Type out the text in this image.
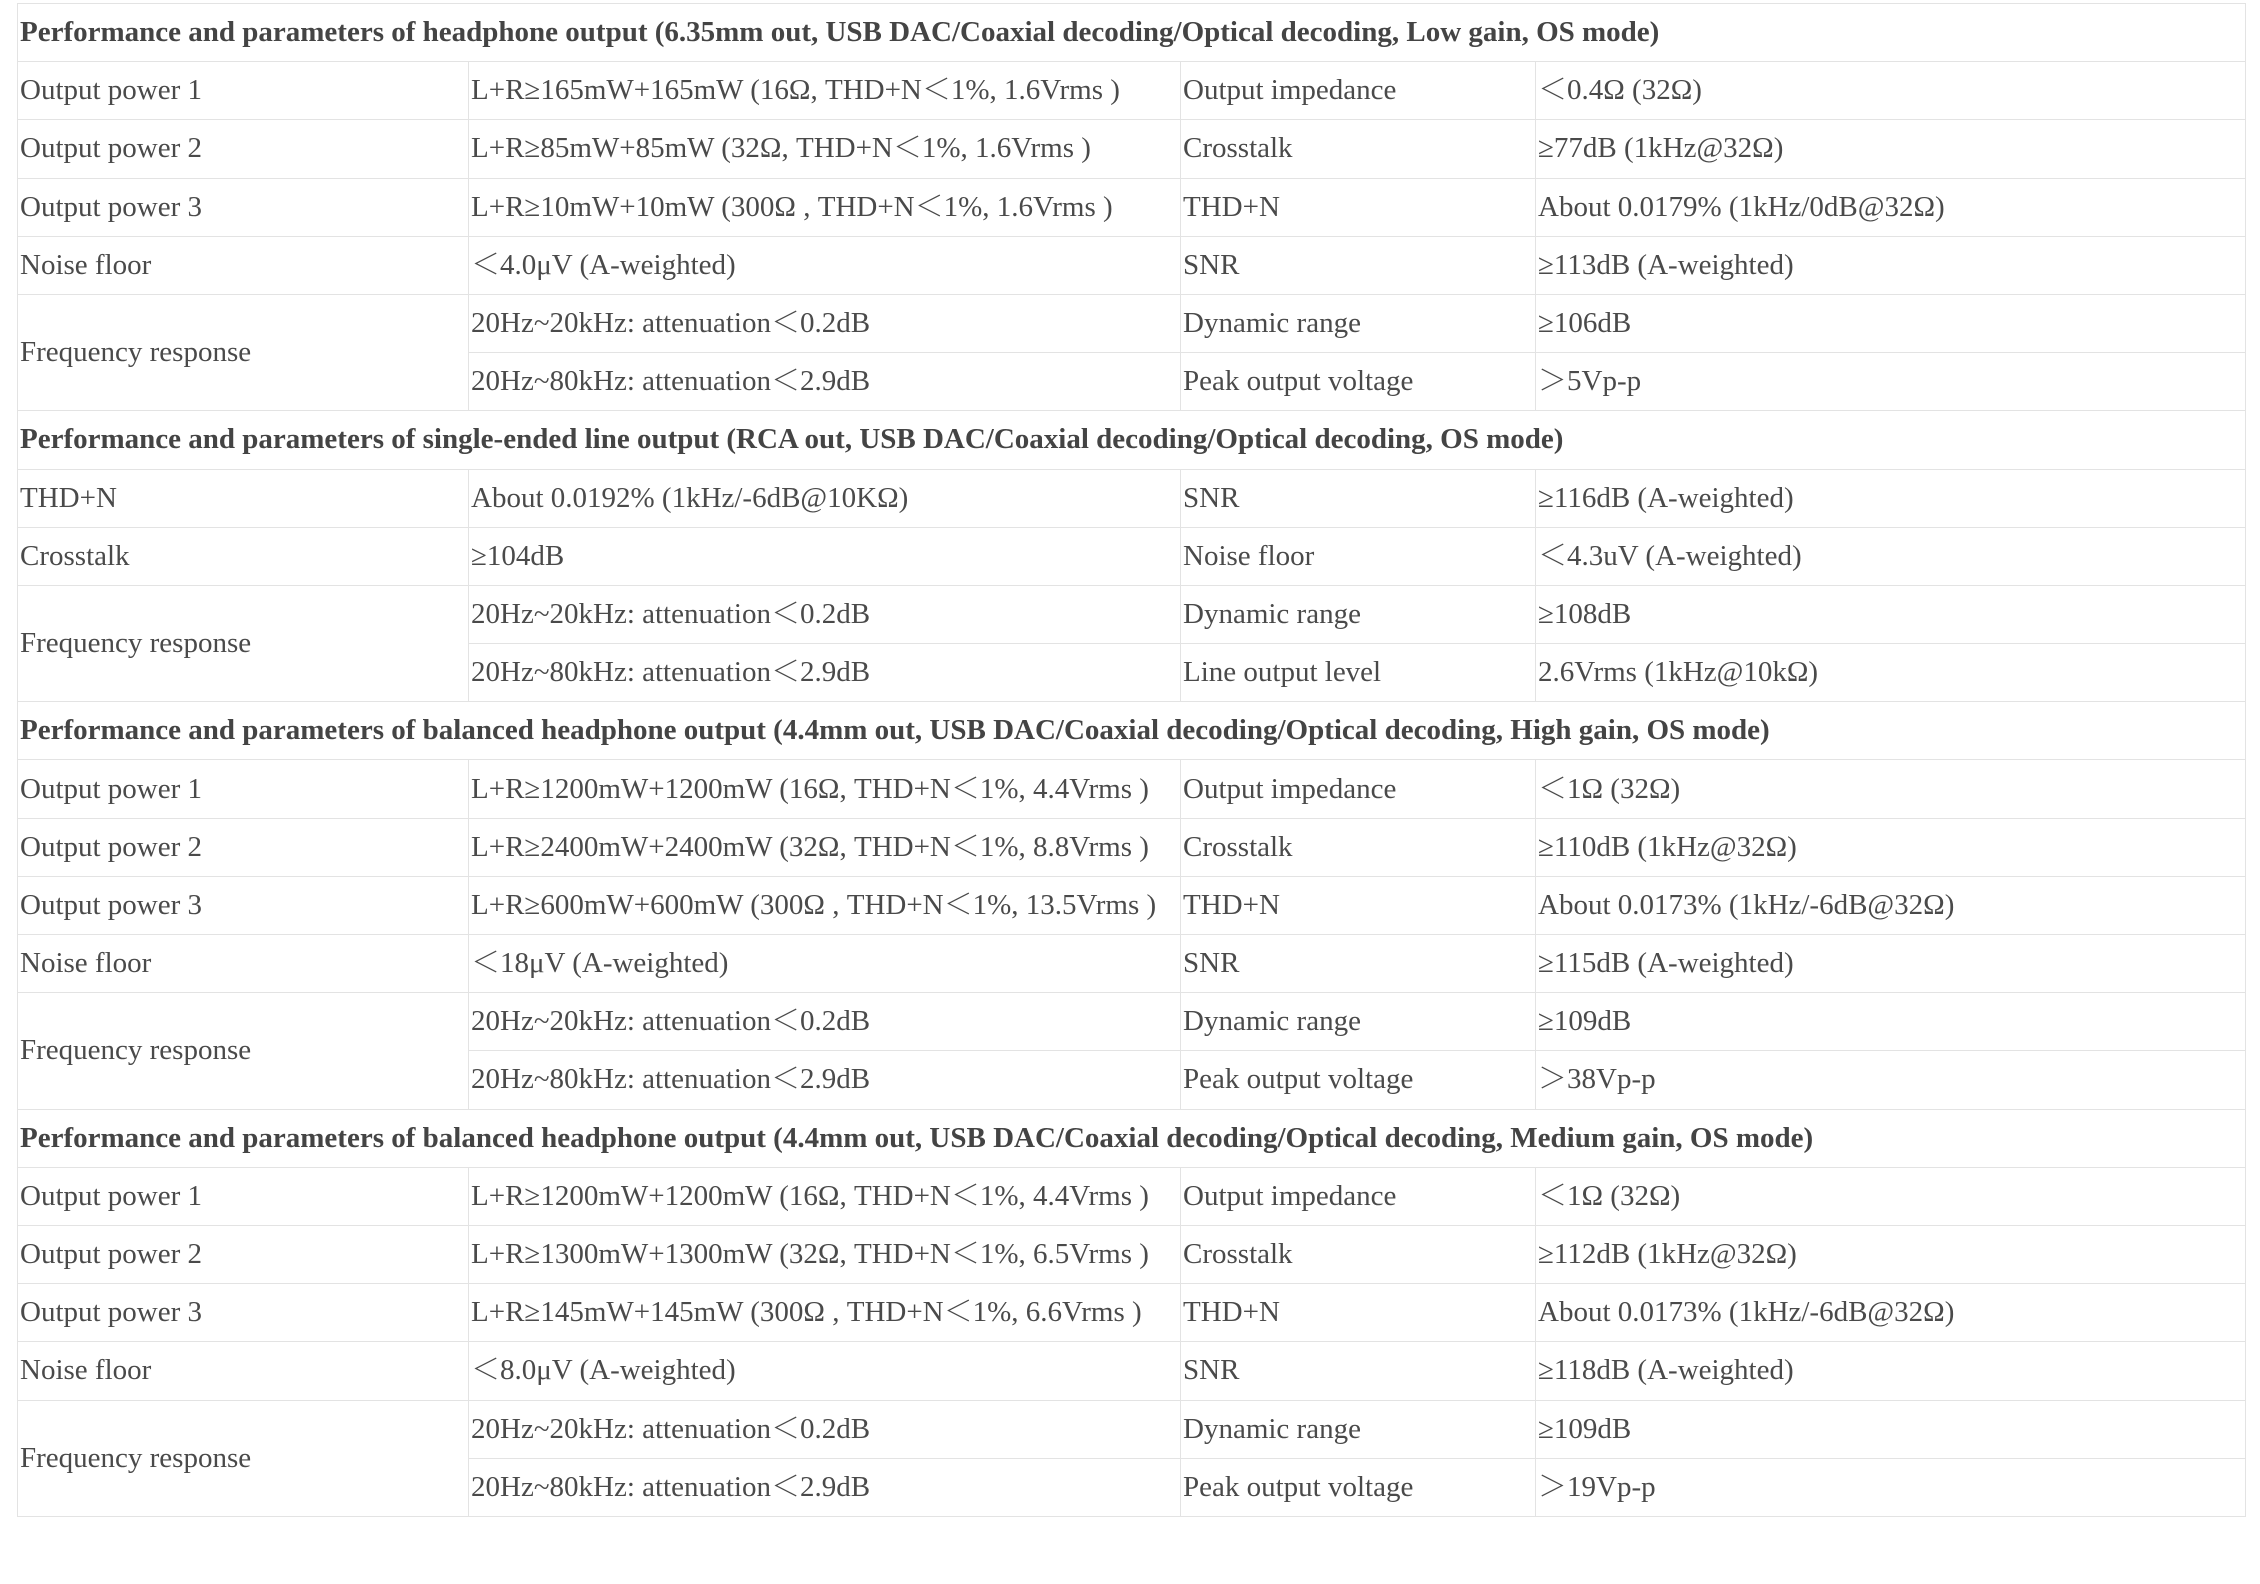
Performance and parameters of headphone output (6.35mm out, USB DAC/Coaxial decoding/Optical decoding, Low gain, OS mode)			
Output power 1	L+R≥165mW+165mW (16Ω, THD+N＜1%, 1.6Vrms )	Output impedance	＜0.4Ω (32Ω)
Output power 2	L+R≥85mW+85mW (32Ω, THD+N＜1%, 1.6Vrms )	Crosstalk	≥77dB (1kHz@32Ω)
Output power 3	L+R≥10mW+10mW (300Ω , THD+N＜1%, 1.6Vrms )	THD+N	About 0.0179% (1kHz/0dB@32Ω)
Noise floor	＜4.0μV (A-weighted)	SNR	≥113dB (A-weighted)
Frequency response	20Hz~20kHz: attenuation＜0.2dB	Dynamic range	≥106dB
	20Hz~80kHz: attenuation＜2.9dB	Peak output voltage	＞5Vp-p
Performance and parameters of single-ended line output (RCA out, USB DAC/Coaxial decoding/Optical decoding, OS mode)			
THD+N	About 0.0192% (1kHz/-6dB@10KΩ)	SNR	≥116dB (A-weighted)
Crosstalk	≥104dB	Noise floor	＜4.3uV (A-weighted)
Frequency response	20Hz~20kHz: attenuation＜0.2dB	Dynamic range	≥108dB
	20Hz~80kHz: attenuation＜2.9dB	Line output level	2.6Vrms (1kHz@10kΩ)
Performance and parameters of balanced headphone output (4.4mm out, USB DAC/Coaxial decoding/Optical decoding, High gain, OS mode)			
Output power 1	L+R≥1200mW+1200mW (16Ω, THD+N＜1%, 4.4Vrms )	Output impedance	＜1Ω (32Ω)
Output power 2	L+R≥2400mW+2400mW (32Ω, THD+N＜1%, 8.8Vrms )	Crosstalk	≥110dB (1kHz@32Ω)
Output power 3	L+R≥600mW+600mW (300Ω , THD+N＜1%, 13.5Vrms )	THD+N	About 0.0173% (1kHz/-6dB@32Ω)
Noise floor	＜18μV (A-weighted)	SNR	≥115dB (A-weighted)
Frequency response	20Hz~20kHz: attenuation＜0.2dB	Dynamic range	≥109dB
	20Hz~80kHz: attenuation＜2.9dB	Peak output voltage	＞38Vp-p
Performance and parameters of balanced headphone output (4.4mm out, USB DAC/Coaxial decoding/Optical decoding, Medium gain, OS mode)			
Output power 1	L+R≥1200mW+1200mW (16Ω, THD+N＜1%, 4.4Vrms )	Output impedance	＜1Ω (32Ω)
Output power 2	L+R≥1300mW+1300mW (32Ω, THD+N＜1%, 6.5Vrms )	Crosstalk	≥112dB (1kHz@32Ω)
Output power 3	L+R≥145mW+145mW (300Ω , THD+N＜1%, 6.6Vrms )	THD+N	About 0.0173% (1kHz/-6dB@32Ω)
Noise floor	＜8.0μV (A-weighted)	SNR	≥118dB (A-weighted)
Frequency response	20Hz~20kHz: attenuation＜0.2dB	Dynamic range	≥109dB
	20Hz~80kHz: attenuation＜2.9dB	Peak output voltage	＞19Vp-p
